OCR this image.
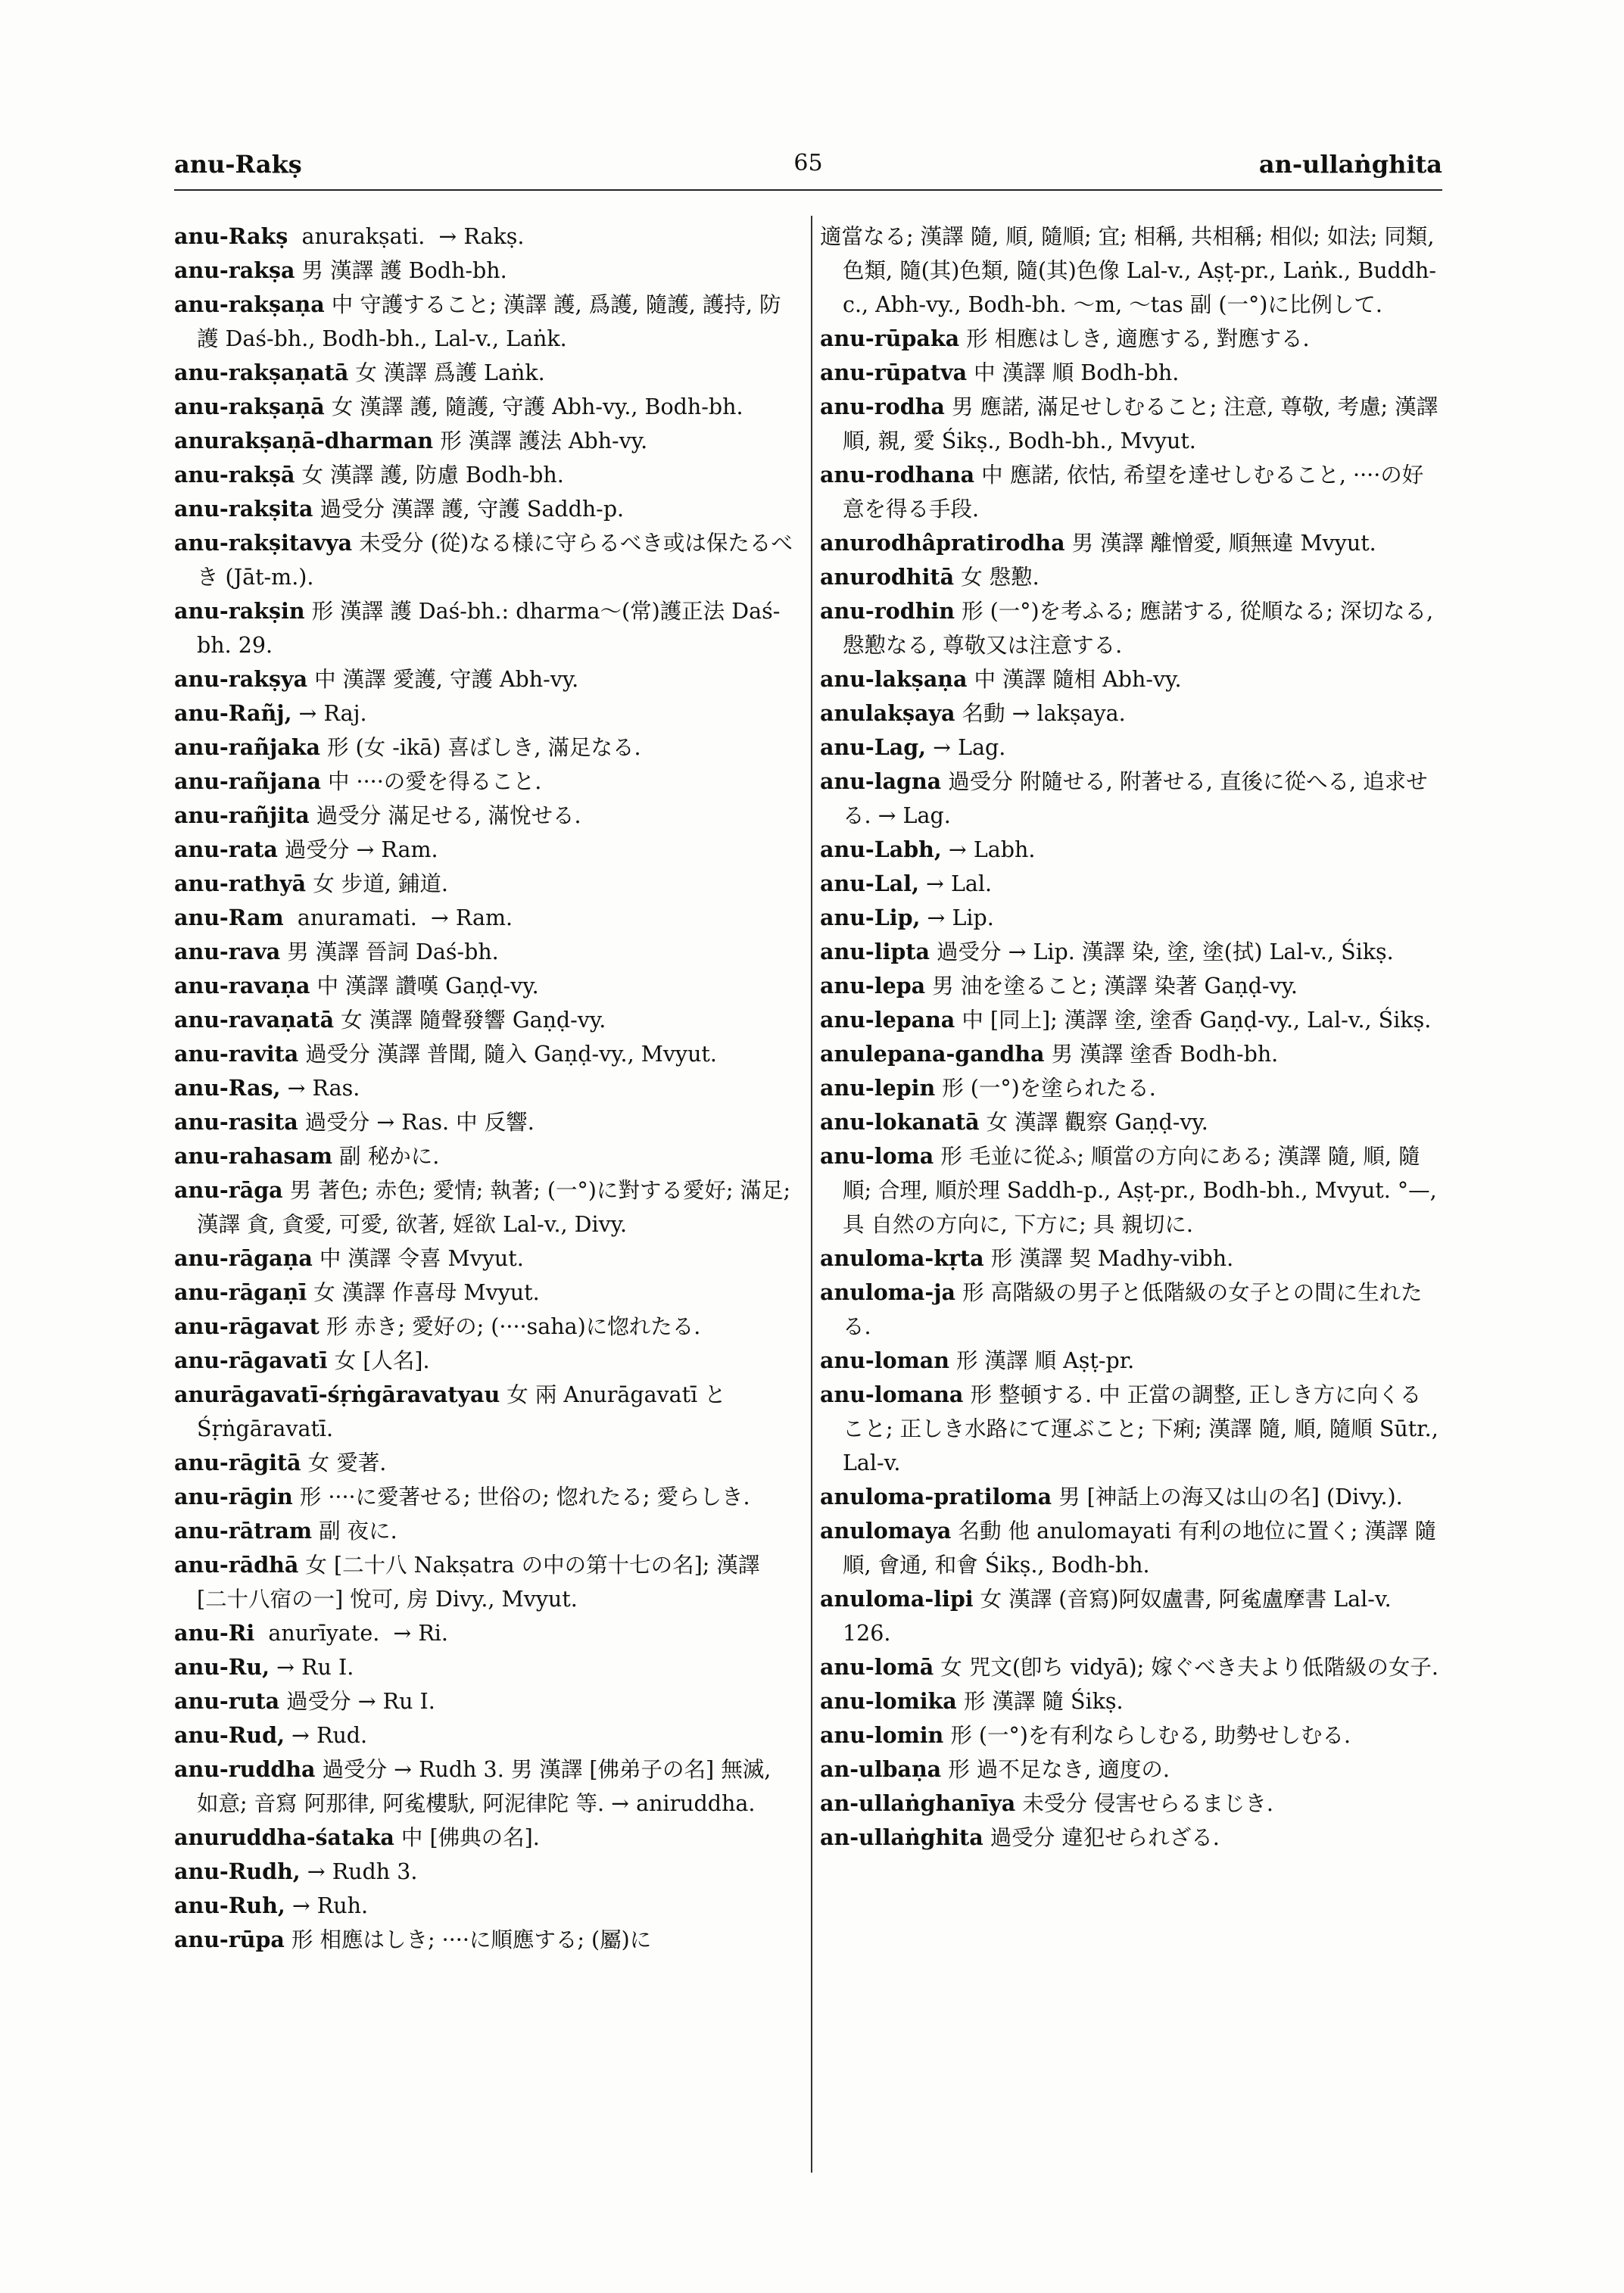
anu-Rakṣ	65	an-ullaṅghita

anu-Rakṣ  anurakṣati.  → Rakṣ.

anu-rakṣa 男 漢譯 護 Bodh-bh.

anu-rakṣaṇa 中 守護すること; 漢譯 護, 爲護, 隨護, 護持, 防護 Daś-bh., Bodh-bh., Lal-v., Laṅk.

anu-rakṣaṇatā 女 漢譯 爲護 Laṅk.

anu-rakṣaṇā 女 漢譯 護, 隨護, 守護 Abh-vy., Bodh-bh.

anurakṣaṇā-dharman 形 漢譯 護法 Abh-vy.

anu-rakṣā 女 漢譯 護, 防慮 Bodh-bh.

anu-rakṣita 過受分 漢譯 護, 守護 Saddh-p.

anu-rakṣitavya 未受分 (從)なる様に守らるべき或は保たるべき (Jāt-m.).

anu-rakṣin 形 漢譯 護 Daś-bh.: dharma〜(常)護正法 Daś-bh. 29.

anu-rakṣya 中 漢譯 愛護, 守護 Abh-vy.

anu-Rañj, → Raj.

anu-rañjaka 形 (女 -ikā) 喜ばしき, 滿足なる.

anu-rañjana 中 ····の愛を得ること.

anu-rañjita 過受分 滿足せる, 滿悅せる.

anu-rata 過受分 → Ram.

anu-rathyā 女 步道, 鋪道.

anu-Ram  anuramati.  → Ram.

anu-rava 男 漢譯 晉詞 Daś-bh.

anu-ravaṇa 中 漢譯 讚嘆 Gaṇḍ-vy.

anu-ravaṇatā 女 漢譯 隨聲發響 Gaṇḍ-vy.

anu-ravita 過受分 漢譯 普聞, 隨入 Gaṇḍ-vy., Mvyut.

anu-Ras, → Ras.

anu-rasita 過受分 → Ras. 中 反響.

anu-rahasam 副 秘かに.

anu-rāga 男 著色; 赤色; 愛情; 執著; (一°)に對する愛好; 滿足; 漢譯 貪, 貪愛, 可愛, 欲著, 婬欲 Lal-v., Divy.

anu-rāgaṇa 中 漢譯 令喜 Mvyut.

anu-rāgaṇī 女 漢譯 作喜母 Mvyut.

anu-rāgavat 形 赤き; 愛好の; (····saha)に惚れたる.

anu-rāgavatī 女 [人名].

anurāgavatī-śṛṅgāravatyau 女 兩 Anurāgavatī と Śṛṅgāravatī.

anu-rāgitā 女 愛著.

anu-rāgin 形 ····に愛著せる; 世俗の; 惚れたる; 愛らしき.

anu-rātram 副 夜に.

anu-rādhā 女 [二十八 Nakṣatra の中の第十七の名]; 漢譯 [二十八宿の一] 悅可, 房 Divy., Mvyut.

anu-Ri  anurīyate.  → Ri.

anu-Ru, → Ru I.

anu-ruta 過受分 → Ru I.

anu-Rud, → Rud.

anu-ruddha 過受分 → Rudh 3. 男 漢譯 [佛弟子の名] 無滅, 如意; 音寫 阿那律, 阿㝹樓馱, 阿泥律陀 等. → aniruddha.

anuruddha-śataka 中 [佛典の名].

anu-Rudh, → Rudh 3.

anu-Ruh, → Ruh.

anu-rūpa 形 相應はしき; ····に順應する; (屬)に

適當なる; 漢譯 隨, 順, 隨順; 宜; 相稱, 共相稱; 相似; 如法; 同類, 色類, 隨(其)色類, 隨(其)色像 Lal-v., Aṣṭ-pr., Laṅk., Buddh-c., Abh-vy., Bodh-bh. 〜m, 〜tas 副 (一°)に比例して.

anu-rūpaka 形 相應はしき, 適應する, 對應する.

anu-rūpatva 中 漢譯 順 Bodh-bh.

anu-rodha 男 應諾, 滿足せしむること; 注意, 尊敬, 考慮; 漢譯 順, 親, 愛 Śikṣ., Bodh-bh., Mvyut.

anu-rodhana 中 應諾, 依怙, 希望を達せしむること, ····の好意を得る手段.

anurodhâpratirodha 男 漢譯 離憎愛, 順無違 Mvyut.

anurodhitā 女 慇懃.

anu-rodhin 形 (一°)を考ふる; 應諾する, 從順なる; 深切なる, 慇懃なる, 尊敬又は注意する.

anu-lakṣaṇa 中 漢譯 隨相 Abh-vy.

anulakṣaya 名動 → lakṣaya.

anu-Lag, → Lag.

anu-lagna 過受分 附隨せる, 附著せる, 直後に從へる, 追求せる. → Lag.

anu-Labh, → Labh.

anu-Lal, → Lal.

anu-Lip, → Lip.

anu-lipta 過受分 → Lip. 漢譯 染, 塗, 塗(拭) Lal-v., Śikṣ.

anu-lepa 男 油を塗ること; 漢譯 染著 Gaṇḍ-vy.

anu-lepana 中 [同上]; 漢譯 塗, 塗香 Gaṇḍ-vy., Lal-v., Śikṣ.

anulepana-gandha 男 漢譯 塗香 Bodh-bh.

anu-lepin 形 (一°)を塗られたる.

anu-lokanatā 女 漢譯 觀察 Gaṇḍ-vy.

anu-loma 形 毛並に從ふ; 順當の方向にある; 漢譯 隨, 順, 隨順; 合理, 順於理 Saddh-p., Aṣṭ-pr., Bodh-bh., Mvyut. °—, 具 自然の方向に, 下方に; 具 親切に.

anuloma-kṛta 形 漢譯 契 Madhy-vibh.

anuloma-ja 形 高階級の男子と低階級の女子との間に生れたる.

anu-loman 形 漢譯 順 Aṣṭ-pr.

anu-lomana 形 整頓する. 中 正當の調整, 正しき方に向くること; 正しき水路にて運ぶこと; 下痢; 漢譯 隨, 順, 隨順 Sūtr., Lal-v.

anuloma-pratiloma 男 [神話上の海又は山の名] (Divy.).

anulomaya 名動 他 anulomayati 有利の地位に置く; 漢譯 隨順, 會通, 和會 Śikṣ., Bodh-bh.

anuloma-lipi 女 漢譯 (音寫)阿奴盧書, 阿㝹盧摩書 Lal-v. 126.

anu-lomā 女 咒文(卽ち vidyā); 嫁ぐべき夫より低階級の女子.

anu-lomika 形 漢譯 隨 Śikṣ.

anu-lomin 形 (一°)を有利ならしむる, 助勢せしむる.

an-ulbaṇa 形 過不足なき, 適度の.

an-ullaṅghanīya 未受分 侵害せらるまじき.

an-ullaṅghita 過受分 違犯せられざる.
